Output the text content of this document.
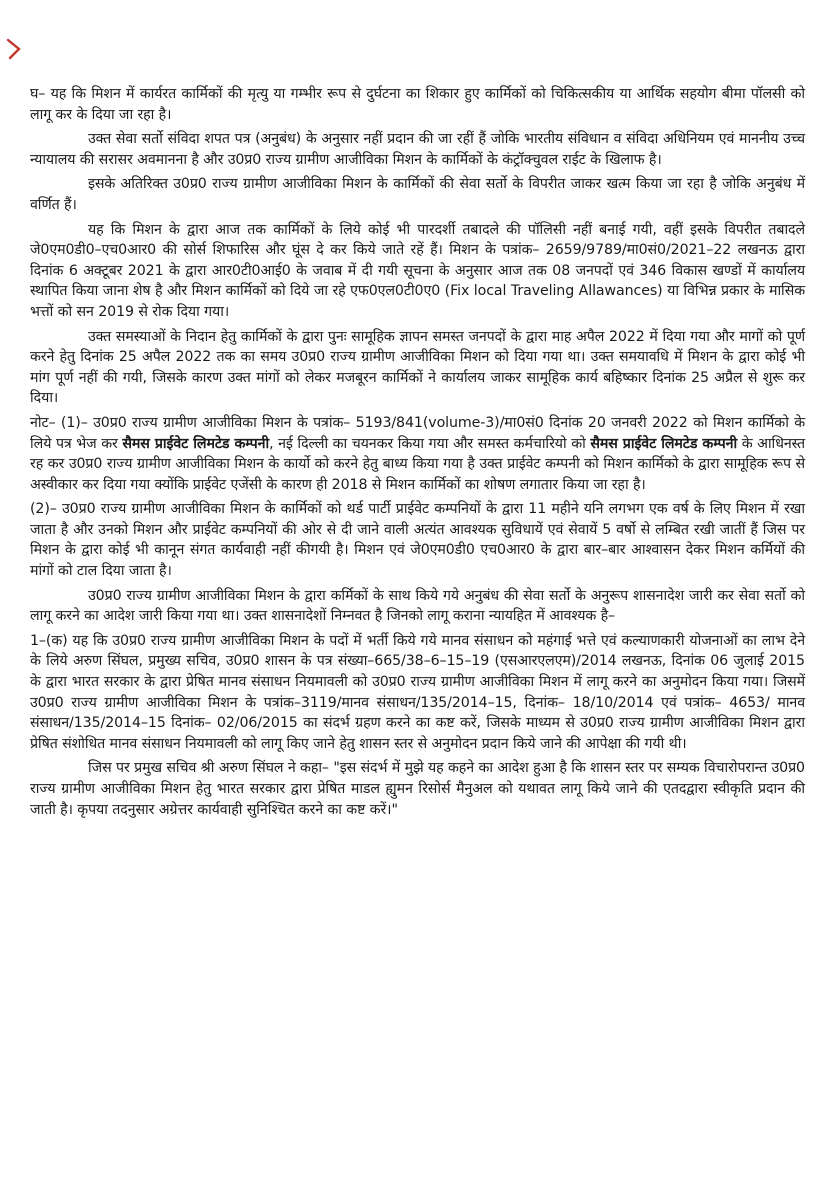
घ– यह कि मिशन में कार्यरत कार्मिकों की मृत्यु या गम्भीर रूप से दुर्घटना का शिकार हुए कार्मिकों को चिकित्सकीय या आर्थिक सहयोग बीमा पॉलसी को लागू कर के दिया जा रहा है।

उक्त सेवा सर्तो संविदा शपत पत्र (अनुबंध) के अनुसार नहीं प्रदान की जा रहीं हैं जोकि भारतीय संविधान व संविदा अधिनियम एवं माननीय उच्च न्यायालय की सरासर अवमानना है और उ0प्र0 राज्य ग्रामीण आजीविका मिशन के कार्मिकों के कंट्रॉक्चुवल राईट के खिलाफ है।

इसके अतिरिक्त उ0प्र0 राज्य ग्रामीण आजीविका मिशन के कार्मिकों की सेवा सर्तो के विपरीत जाकर खत्म किया जा रहा है जोकि अनुबंध में वर्णित हैं।

यह कि मिशन के द्वारा आज तक कार्मिकों के लिये कोई भी पारदर्शी तबादले की पॉलिसी नहीं बनाई गयी, वहीं इसके विपरीत तबादले जे0एम0डी0–एच0आर0 की सोर्स शिफारिस और घूंस दे कर किये जाते रहें हैं। मिशन के पत्रांक– 2659/9789/मा0सं0/2021–22 लखनऊ द्वारा दिनांक 6 अक्टूबर 2021 के द्वारा आर0टी0आई0 के जवाब में दी गयी सूचना के अनुसार आज तक 08 जनपदों एवं 346 विकास खण्डों में कार्यालय स्थापित किया जाना शेष है और मिशन कार्मिकों को दिये जा रहे एफ0एल0टी0ए0 (Fix local Traveling Allawances) या विभिन्न प्रकार के मासिक भत्तों को सन 2019 से रोक दिया गया।

उक्त समस्याओं के निदान हेतु कार्मिकों के द्वारा पुनः सामूहिक ज्ञापन समस्त जनपदों के द्वारा माह अपैल 2022 में दिया गया और मागों को पूर्ण करने हेतु दिनांक 25 अपैल 2022 तक का समय उ0प्र0 राज्य ग्रामीण आजीविका मिशन को दिया गया था। उक्त समयावधि में मिशन के द्वारा कोई भी मांग पूर्ण नहीं की गयी, जिसके कारण उक्त मांगों को लेकर मजबूरन कार्मिकों ने कार्यालय जाकर सामूहिक कार्य बहिष्कार दिनांक 25 अप्रैल से शुरू कर दिया।

नोट– (1)– उ0प्र0 राज्य ग्रामीण आजीविका मिशन के पत्रांक– 5193/841(volume-3)/मा0सं0 दिनांक 20 जनवरी 2022 को मिशन कार्मिको के लिये पत्र भेज कर सैमस प्राईवेट लिमटेड कम्पनी, नई दिल्ली का चयनकर किया गया और समस्त कर्मचारियो को सैमस प्राईवेट लिमटेड कम्पनी के आधिनस्त रह कर उ0प्र0 राज्य ग्रामीण आजीविका मिशन के कार्यो को करने हेतु बाध्य किया गया है उक्त प्राईवेट कम्पनी को मिशन कार्मिको के द्वारा सामूहिक रूप से अस्वीकार कर दिया गया क्योंकि प्राईवेट एजेंसी के कारण ही 2018 से मिशन कार्मिकों का शोषण लगातार किया जा रहा है।

(2)– उ0प्र0 राज्य ग्रामीण आजीविका मिशन के कार्मिकों को थर्ड पार्टी प्राईवेट कम्पनियों के द्वारा 11 महीने यनि लगभग एक वर्ष के लिए मिशन में रखा जाता है और उनको मिशन और प्राईवेट कम्पनियों की ओर से दी जाने वाली अत्यंत आवश्यक सुविधायें एवं सेवायें 5 वर्षो से लम्बित रखी जातीं हैं जिस पर मिशन के द्वारा कोई भी कानून संगत कार्यवाही नहीं कीगयी है। मिशन एवं जे0एम0डी0 एच0आर0 के द्वारा बार–बार आश्वासन देकर मिशन कर्मियों की मांगों को टाल दिया जाता है।

उ0प्र0 राज्य ग्रामीण आजीविका मिशन के द्वारा कर्मिकों के साथ किये गये अनुबंध की सेवा सर्तो के अनुरूप शासनादेश जारी कर सेवा सर्तो को लागू करने का आदेश जारी किया गया था। उक्त शासनादेशों निम्नवत है जिनको लागू कराना न्यायहित में आवश्यक है–

1–(क) यह कि उ0प्र0 राज्य ग्रामीण आजीविका मिशन के पदों में भर्ती किये गये मानव संसाधन को महंगाई भत्ते एवं कल्याणकारी योजनाओं का लाभ देने के लिये अरुण सिंघल, प्रमुख्य सचिव, उ0प्र0 शासन के पत्र संख्या–665/38–6–15–19 (एसआरएलएम)/2014 लखनऊ, दिनांक 06 जुलाई 2015 के द्वारा भारत सरकार के द्वारा प्रेषित मानव संसाधन नियमावली को उ0प्र0 राज्य ग्रामीण आजीविका मिशन में लागू करने का अनुमोदन किया गया। जिसमें उ0प्र0 राज्य ग्रामीण आजीविका मिशन के पत्रांक–3119/मानव संसाधन/135/2014–15, दिनांक– 18/10/2014 एवं पत्रांक– 4653/ मानव संसाधन/135/2014–15 दिनांक– 02/06/2015 का संदर्भ ग्रहण करने का कष्ट करें, जिसके माध्यम से उ0प्र0 राज्य ग्रामीण आजीविका मिशन द्वारा प्रेषित संशोधित मानव संसाधन नियमावली को लागू किए जाने हेतु शासन स्तर से अनुमोदन प्रदान किये जाने की आपेक्षा की गयी थी।

जिस पर प्रमुख सचिव श्री अरुण सिंघल ने कहा– "इस संदर्भ में मुझे यह कहने का आदेश हुआ है कि शासन स्तर पर सम्यक विचारोपरान्त उ0प्र0 राज्य ग्रामीण आजीविका मिशन हेतु भारत सरकार द्वारा प्रेषित माडल ह्युमन रिसोर्स मैनुअल को यथावत लागू किये जाने की एतदद्वारा स्वीकृति प्रदान की जाती है। कृपया तदनुसार अग्रेत्तर कार्यवाही सुनिश्चित करने का कष्ट करें।"
